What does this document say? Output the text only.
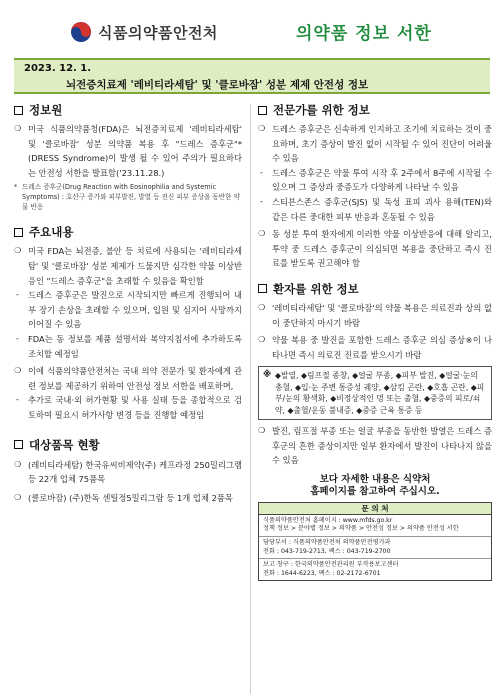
식품의약품안전처	의약품 정보 서한
2023. 12. 1.
뇌전증치료제 '레비티라세탐' 및 '클로바잠' 성분 제제 안전성 정보
정보원
❍ 미국 식품의약품청(FDA)은 뇌전증치료제 '레비티라세탐' 및 '클로바잠' 성분 의약품 복용 후 "드레스 증후군"*(DRESS Syndrome)이 발생 될 수 있어 주의가 필요하다는 안전성 서한을 발표함('23.11.28.)
* 드레스 증후군(Drug Reaction with Eosinophilia and Systemic Symptoms) : 호산구 증가와 피부발진, 발열 등 전신 피부 증상을 동반한 약물 반응
주요내용
❍ 미국 FDA는 뇌전증, 불안 등 치료에 사용되는 '레비티라세탐' 및 '클로바잠' 성분 제제가 드물지만 심각한 약물 이상반응인 "드레스 증후군"을 초래할 수 있음을 확인함
-	드레스 증후군은 발진으로 시작되지만 빠르게 진행되어 내부 장기 손상을 초래할 수 있으며, 입원 및 심지어 사망까지 이어질 수 있음
-	FDA는 동 정보를 제품 설명서와 복약지침서에 추가하도록 조치할 예정임
❍ 이에 식품의약품안전처는 국내 의약 전문가 및 환자에게 관련 정보를 제공하기 위하여 안전성 정보 서한을 배포하며,
-	추가로 국내·외 허가현황 및 사용 실태 등을 종합적으로 검토하여 필요시 허가사항 변경 등을 진행할 예정임
대상품목 현황
❍ (레비티라세탐) 한국유씨비제약(주) 케프라정 250밀리그램 등 22개 업체 75품목
❍ (클로바잠) (주)한독 센틸정5밀리그람 등 1개 업체 2품목
전문가를 위한 정보
❍ 드레스 증후군은 신속하게 인지하고 조기에 치료하는 것이 중요하며, 초기 증상이 발진 없이 시작될 수 있어 진단이 어려울 수 있음
-	드레스 증후군은 약물 투여 시작 후 2주에서 8주에 시작될 수 있으며 그 증상과 중증도가 다양하게 나타날 수 있음
-	스티븐스존스 증후군(SJS) 및 독성 표피 괴사 용해(TEN)와 같은 다른 중대한 피부 반응과 혼동될 수 있음
❍ 동 성분 투여 환자에게 이러한 약물 이상반응에 대해 알리고, 투약 중 드레스 증후군이 의심되면 복용을 중단하고 즉시 진료를 받도록 권고해야 함
환자를 위한 정보
❍ '레비티라세탐' 및 '클로바잠'의 약물 복용은 의료진과 상의 없이 중단하지 마시기 바람
❍ 약물 복용 중 발진을 포함한 드레스 증후군 의심 증상※이 나타나면 즉시 의료진 진료를 받으시기 바람
※ ◆발열, ◆림프절 종창, ◆얼굴 부종, ◆피부 발진, ◆얼굴·눈의 충혈, ◆입·눈 주변 통증성 궤양, ◆삼킴 곤란, ◆호흡 곤란, ◆피부/눈의 황색화, ◆비정상적인 멍 또는 출혈, ◆중증의 피로/쇠약, ◆출혈/운동 불내증, ◆중증 근육 통증 등
❍ 발진, 림프절 부종 또는 얼굴 부종을 동반한 발열은 드레스 증후군의 흔한 증상이지만 일부 환자에서 발진이 나타나지 않을 수 있음
보다 자세한 내용은 식약처
홈페이지를 참고하여 주십시오.
문 의 처
식품의약품안전처 홈페이지 : www.mfds.go.kr
정책 정보 > 분야별 정보 > 의약품 > 안전성 정보 > 의약품 안전성 서한
담당부서 : 식품의약품안전처 의약품안전평가과
전화 : 043-719-2713, 팩스 : 043-719-2700
보고 창구 : 한국의약품안전관리원 부작용보고센터
전화 : 1644-6223, 팩스 : 02-2172-6701
